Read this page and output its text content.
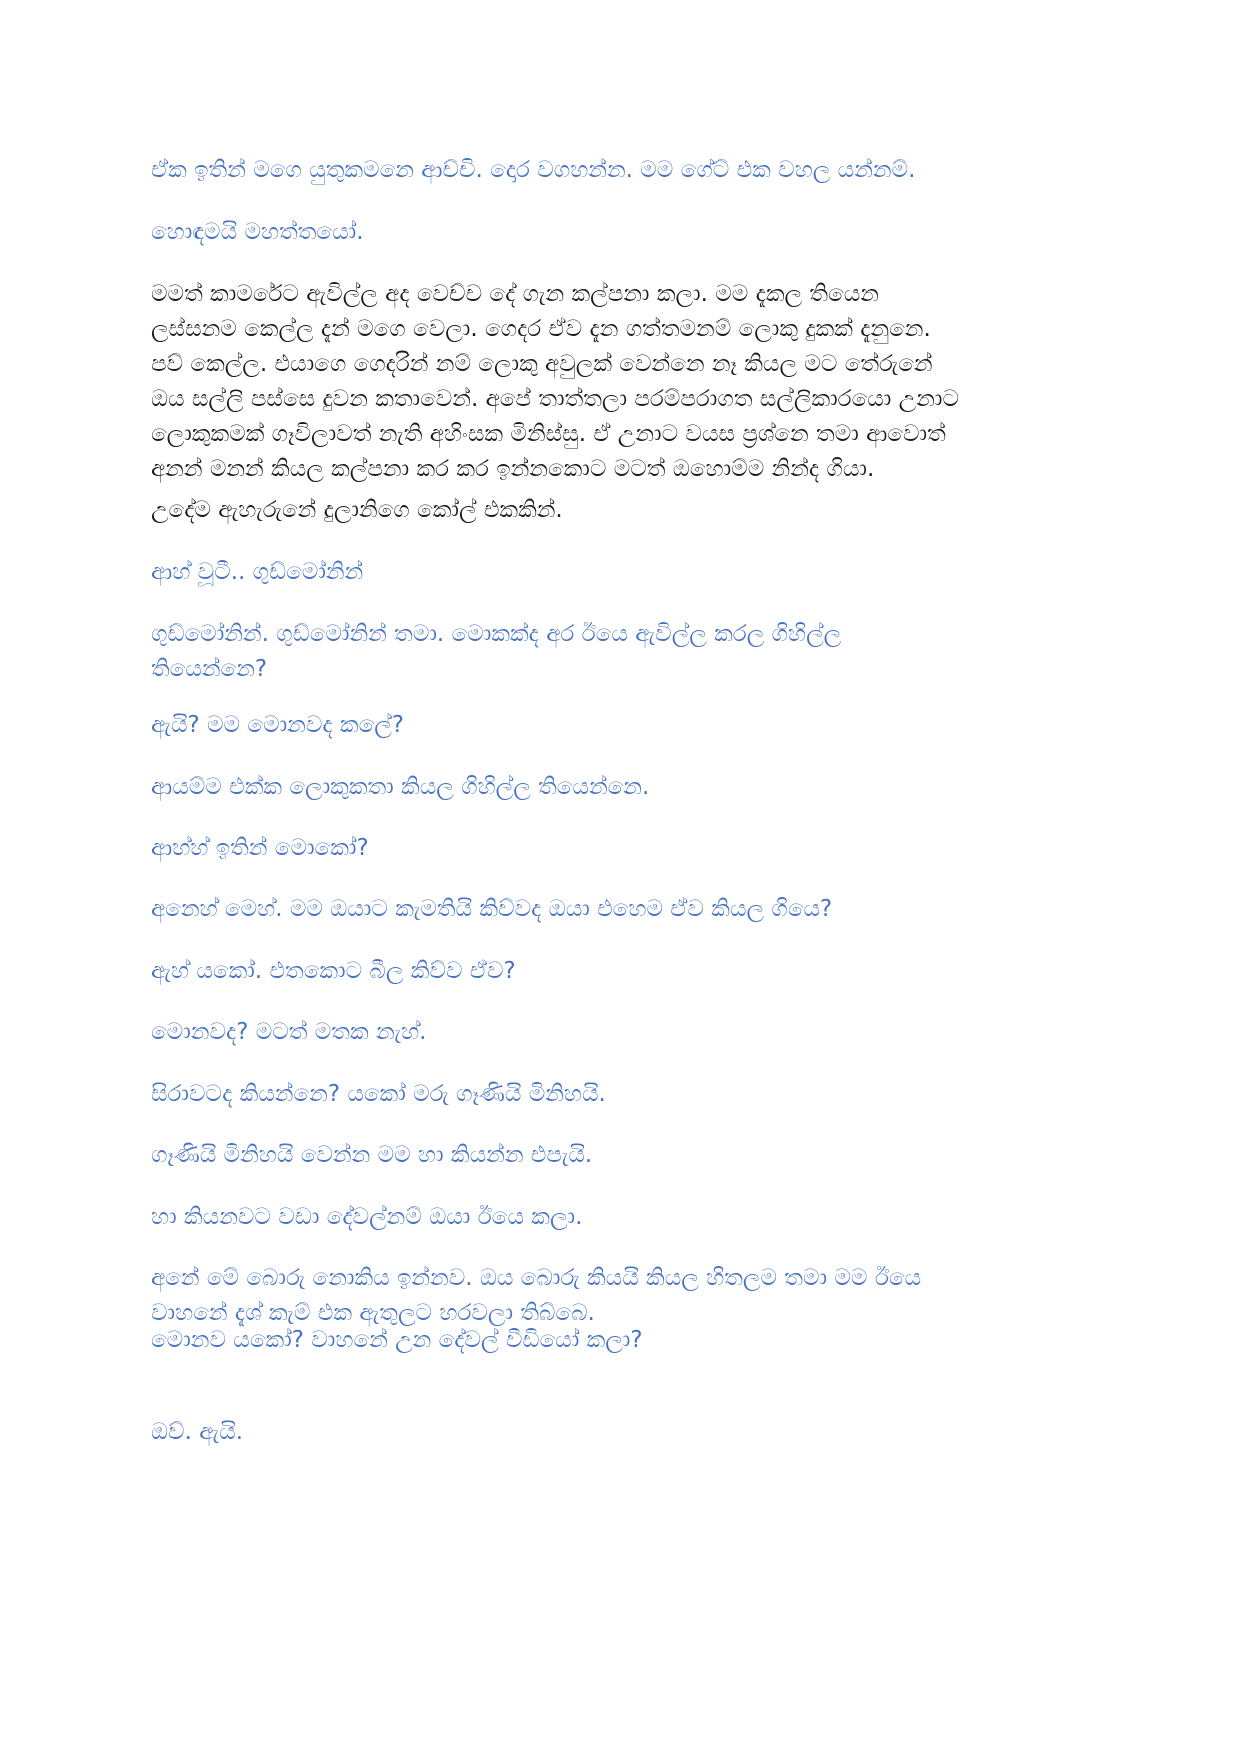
ඒක ඉතින් මගෙ යුතුකමනෙ ආච්චි. දොර වගහන්න. මම ගේට් එක වහල යන්නම්.

හොඳමයි මහත්තයෝ.

මමත් කාමරේට ඇවිල්ල අද වෙච්ච දේ ගැන කල්පනා කලා. මම දැකල තියෙන
ලස්සනම කෙල්ල දැන් මගෙ වෙලා. ගෙදර ඒව දැන ගත්තමනම් ලොකු දුකක් දැනුනෙ.
පව් කෙල්ල. එයාගෙ ගෙදරින් නම් ලොකු අවුලක් වෙන්නෙ නෑ කියල මට තේරුනේ
ඔය සල්ලි පස්සෙ දුවන කතාවෙන්. අපේ තාත්තලා පරම්පරාගත සල්ලිකාරයො උනාට
ලොකුකමක් ගෑවිලාවත් නැති අහිංසක මිනිස්සු. ඒ උනාට වයස ප්‍රශ්නෙ තමා ආවොත්
අනන් මනන් කියල කල්පනා කර කර ඉන්නකොට මටත් ඔහොම්ම නින්ද ගියා.

උදේම ඇහැරුනේ දුලානිගෙ කෝල් එකකින්.

ආහ් වූටී.. ගුඩ්මෝනින්

ගුඩ්මෝනින්. ගුඩ්මෝනින් තමා. මොකක්ද අර ඊයෙ ඇවිල්ල කරල ගිහිල්ල
තියෙන්නෙ?

ඇයි? මම මොනවද කලේ?

ආයම්ම එක්ක ලොකුකතා කියල ගිහිල්ල තියෙන්නෙ.

ආහ්හ් ඉතින් මොකෝ?

අනෙහ් මෙහ්. මම ඔයාට කැමතියි කිව්වද ඔයා එහෙම ඒව කියල ගියෙ?

ඇහ් යකෝ. එතකොට බීල කිව්ව ඒව?

මොනවද? මටත් මතක නැහ්.

සිරාවටද කියන්නෙ? යකෝ මරු ගෑණියි මිනිහයි.

ගෑණියි මිනිහයි වෙන්න මම හා කියන්න එපැයි.

හා කියනවට වඩා දේවල්නම් ඔයා ඊයෙ කලා.

අනේ මේ බොරු නොකිය ඉන්නව. ඔය බොරු කියයි කියල හිතලම තමා මම ඊයෙ
වාහනේ දැශ් කැම් එක ඇතුලට හරවලා තිබ්බෙ.

මොනව යකෝ? වාහනේ උන දේවල් වීඩියෝ කලා?

ඔව්. ඇයි.
